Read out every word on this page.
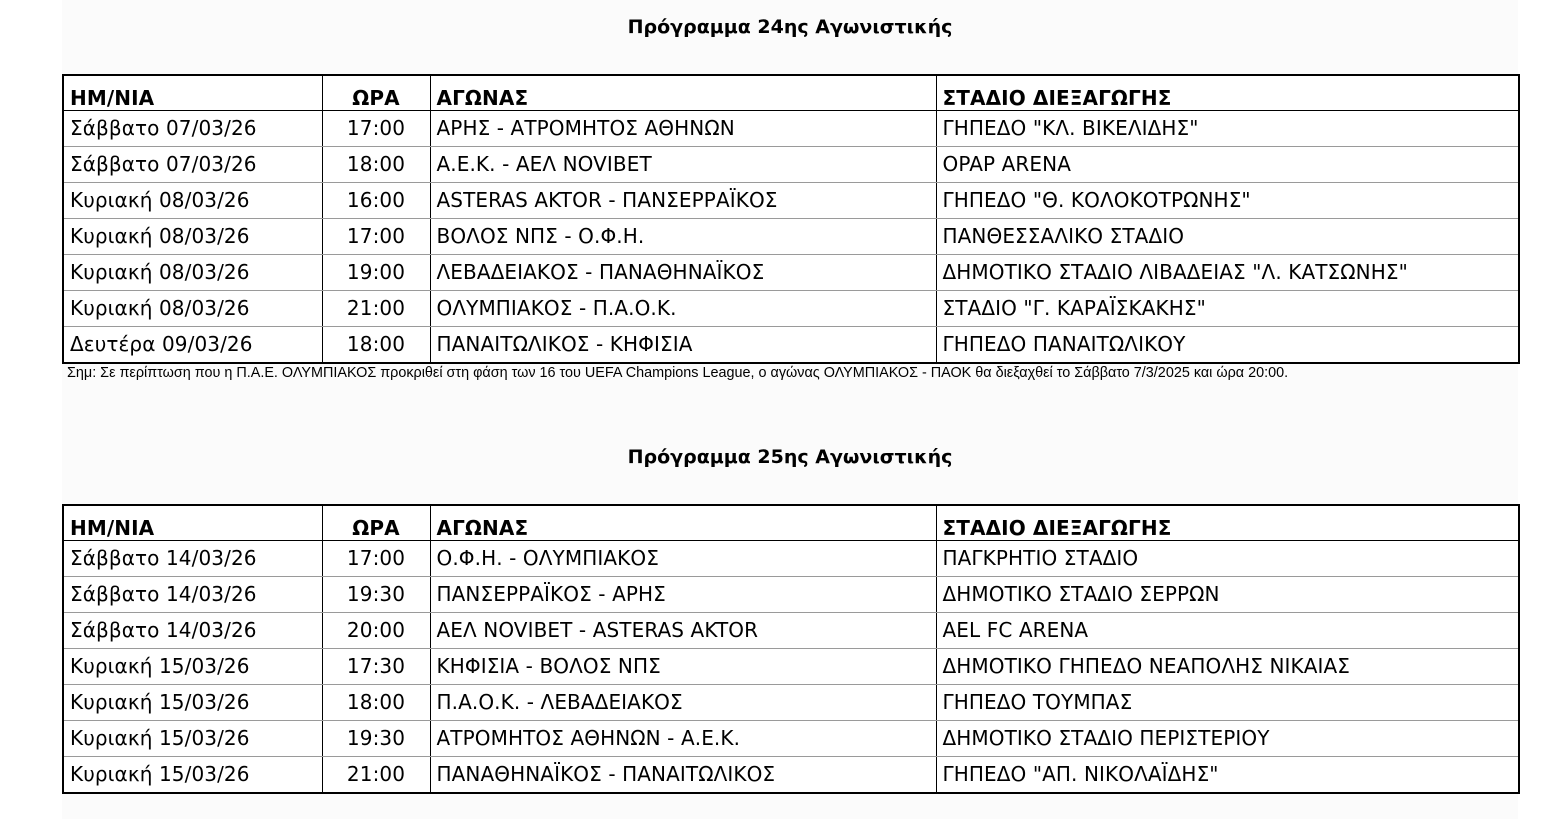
Πρόγραμμα 24ης Αγωνιστικής
ΗΜ/ΝΙΑ	ΩΡΑ	ΑΓΩΝΑΣ	ΣΤΑΔΙΟ ΔΙΕΞΑΓΩΓΗΣ
Σάββατο 07/03/26	17:00	ΑΡΗΣ - ΑΤΡΟΜΗΤΟΣ ΑΘΗΝΩΝ	ΓΗΠΕΔΟ "ΚΛ. ΒΙΚΕΛΙΔΗΣ"
Σάββατο 07/03/26	18:00	Α.Ε.Κ. - ΑΕΛ NOVIBET	OPAP ARENA
Κυριακή 08/03/26	16:00	ASTERAS AKTOR - ΠΑΝΣΕΡΡΑΪΚΟΣ	ΓΗΠΕΔΟ "Θ. ΚΟΛΟΚΟΤΡΩΝΗΣ"
Κυριακή 08/03/26	17:00	ΒΟΛΟΣ ΝΠΣ - Ο.Φ.Η.	ΠΑΝΘΕΣΣΑΛΙΚΟ ΣΤΑΔΙΟ
Κυριακή 08/03/26	19:00	ΛΕΒΑΔΕΙΑΚΟΣ - ΠΑΝΑΘΗΝΑΪΚΟΣ	ΔΗΜΟΤΙΚΟ ΣΤΑΔΙΟ ΛΙΒΑΔΕΙΑΣ "Λ. ΚΑΤΣΩΝΗΣ"
Κυριακή 08/03/26	21:00	ΟΛΥΜΠΙΑΚΟΣ - Π.Α.Ο.Κ.	ΣΤΑΔΙΟ "Γ. ΚΑΡΑΪΣΚΑΚΗΣ"
Δευτέρα 09/03/26	18:00	ΠΑΝΑΙΤΩΛΙΚΟΣ - ΚΗΦΙΣΙΑ	ΓΗΠΕΔΟ ΠΑΝΑΙΤΩΛΙΚΟΥ
Σημ: Σε περίπτωση που η Π.Α.Ε. ΟΛΥΜΠΙΑΚΟΣ προκριθεί στη φάση των 16 του UEFA Champions League, ο αγώνας ΟΛΥΜΠΙΑΚΟΣ - ΠΑΟΚ θα διεξαχθεί το Σάββατο 7/3/2025 και ώρα 20:00.
Πρόγραμμα 25ης Αγωνιστικής
ΗΜ/ΝΙΑ	ΩΡΑ	ΑΓΩΝΑΣ	ΣΤΑΔΙΟ ΔΙΕΞΑΓΩΓΗΣ
Σάββατο 14/03/26	17:00	Ο.Φ.Η. - ΟΛΥΜΠΙΑΚΟΣ	ΠΑΓΚΡΗΤΙΟ ΣΤΑΔΙΟ
Σάββατο 14/03/26	19:30	ΠΑΝΣΕΡΡΑΪΚΟΣ - ΑΡΗΣ	ΔΗΜΟΤΙΚΟ ΣΤΑΔΙΟ ΣΕΡΡΩΝ
Σάββατο 14/03/26	20:00	ΑΕΛ NOVIBET - ASTERAS AKTOR	AEL FC ARENA
Κυριακή 15/03/26	17:30	ΚΗΦΙΣΙΑ - ΒΟΛΟΣ ΝΠΣ	ΔΗΜΟΤΙΚΟ ΓΗΠΕΔΟ ΝΕΑΠΟΛΗΣ ΝΙΚΑΙΑΣ
Κυριακή 15/03/26	18:00	Π.Α.Ο.Κ. - ΛΕΒΑΔΕΙΑΚΟΣ	ΓΗΠΕΔΟ ΤΟΥΜΠΑΣ
Κυριακή 15/03/26	19:30	ΑΤΡΟΜΗΤΟΣ ΑΘΗΝΩΝ - Α.Ε.Κ.	ΔΗΜΟΤΙΚΟ ΣΤΑΔΙΟ ΠΕΡΙΣΤΕΡΙΟΥ
Κυριακή 15/03/26	21:00	ΠΑΝΑΘΗΝΑΪΚΟΣ - ΠΑΝΑΙΤΩΛΙΚΟΣ	ΓΗΠΕΔΟ "ΑΠ. ΝΙΚΟΛΑΪΔΗΣ"
